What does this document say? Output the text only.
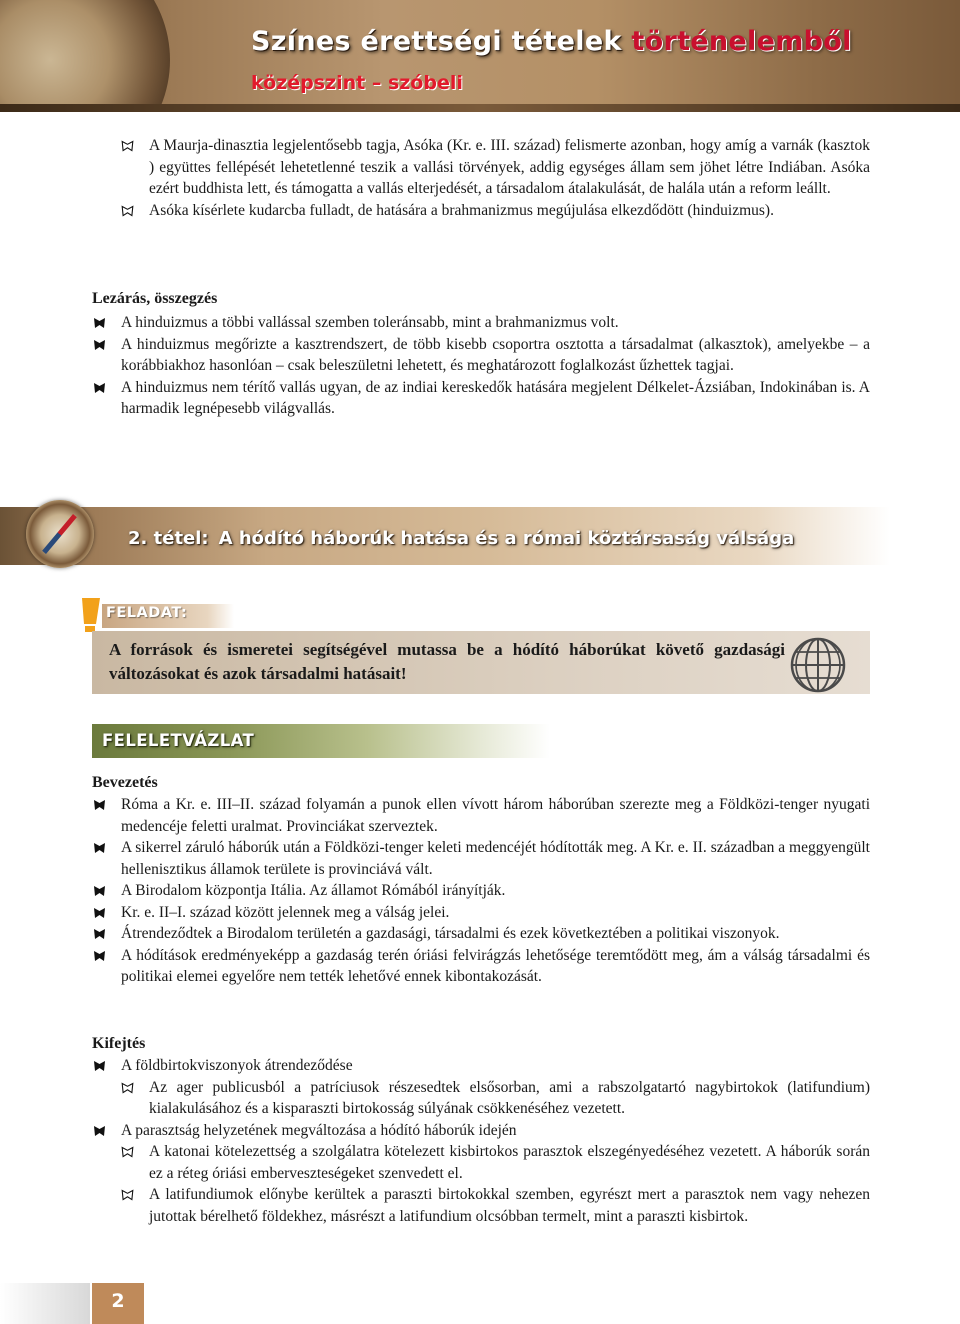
Színes érettségi tételek történelemből
középszint – szóbeli
A Maurja-dinasztia legjelentősebb tagja, Asóka (Kr. e. III. század) felismerte azonban, hogy amíg a varnák (kasztok ) együttes fellépését lehetetlenné teszik a vallási törvények, addig egységes állam sem jöhet létre Indiában. Asóka ezért buddhista lett, és támogatta a vallás elterjedését, a társadalom átalakulását, de halála után a reform leállt.
Asóka kísérlete kudarcba fulladt, de hatására a brahmanizmus megújulása elkezdődött (hinduizmus).
Lezárás, összegzés
A hinduizmus a többi vallással szemben toleránsabb, mint a brahmanizmus volt.
A hinduizmus megőrizte a kasztrendszert, de több kisebb csoportra osztotta a társadalmat (alkasztok), amelyekbe – a korábbiakhoz hasonlóan – csak beleszületni lehetett, és meghatározott foglalkozást űzhettek tagjai.
A hinduizmus nem térítő vallás ugyan, de az indiai kereskedők hatására megjelent Délkelet-Ázsiában, Indokinában is. A harmadik legnépesebb világvallás.
2. tétel: A hódító háborúk hatása és a római köztársaság válsága
FELADAT:
A források és ismeretei segítségével mutassa be a hódító háborúkat követő gazdasági változásokat és azok társadalmi hatásait!
FELELETVÁZLAT
Bevezetés
Róma a Kr. e. III–II. század folyamán a punok ellen vívott három háborúban szerezte meg a Földközi-tenger nyugati medencéje feletti uralmat. Provinciákat szerveztek.
A sikerrel záruló háborúk után a Földközi-tenger keleti medencéjét hódították meg. A Kr. e. II. században a meggyengült hellenisztikus államok területe is provinciává vált.
A Birodalom központja Itália. Az államot Rómából irányítják.
Kr. e. II–I. század között jelennek meg a válság jelei.
Átrendeződtek a Birodalom területén a gazdasági, társadalmi és ezek következtében a politikai viszonyok.
A hódítások eredményeképp a gazdaság terén óriási felvirágzás lehetősége teremtődött meg, ám a válság társadalmi és politikai elemei egyelőre nem tették lehetővé ennek kibontakozását.
Kifejtés
A földbirtokviszonyok átrendeződése
Az ager publicusból a patríciusok részesedtek elsősorban, ami a rabszolgatartó nagybirtokok (latifundium) kialakulásához és a kisparaszti birtokosság súlyának csökkenéséhez vezetett.
A parasztság helyzetének megváltozása a hódító háborúk idején
A katonai kötelezettség a szolgálatra kötelezett kisbirtokos parasztok elszegényedéséhez vezetett. A háborúk során ez a réteg óriási emberveszteségeket szenvedett el.
A latifundiumok előnybe kerültek a paraszti birtokokkal szemben, egyrészt mert a parasztok nem vagy nehezen jutottak bérelhető földekhez, másrészt a latifundium olcsóbban termelt, mint a paraszti kisbirtok.
2
